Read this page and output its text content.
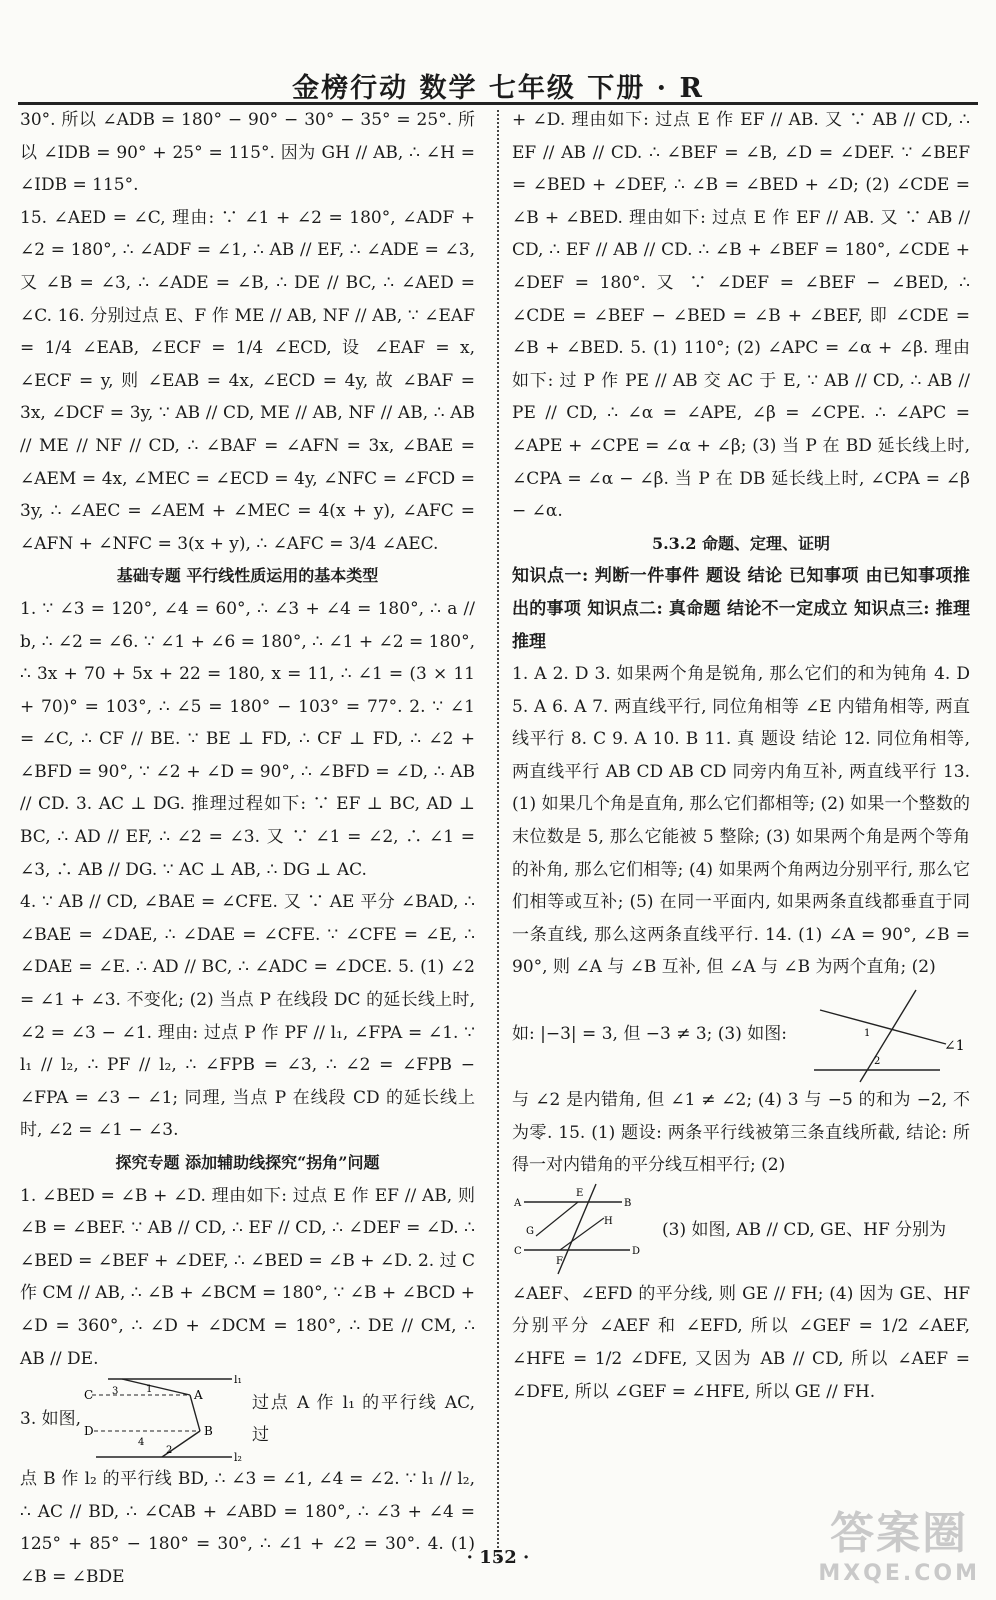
金榜行动 数学 七年级 下册 · R

30°. 所以 ∠ADB = 180° − 90° − 30° − 35° = 25°. 所以 ∠IDB = 90° + 25° = 115°. 因为 GH // AB, ∴ ∠H = ∠IDB = 115°.

15. ∠AED = ∠C, 理由: ∵ ∠1 + ∠2 = 180°, ∠ADF + ∠2 = 180°, ∴ ∠ADF = ∠1, ∴ AB // EF, ∴ ∠ADE = ∠3, 又 ∠B = ∠3, ∴ ∠ADE = ∠B, ∴ DE // BC, ∴ ∠AED = ∠C. 16. 分别过点 E、F 作 ME // AB, NF // AB, ∵ ∠EAF = 1/4 ∠EAB, ∠ECF = 1/4 ∠ECD, 设 ∠EAF = x, ∠ECF = y, 则 ∠EAB = 4x, ∠ECD = 4y, 故 ∠BAF = 3x, ∠DCF = 3y, ∵ AB // CD, ME // AB, NF // AB, ∴ AB // ME // NF // CD, ∴ ∠BAF = ∠AFN = 3x, ∠BAE = ∠AEM = 4x, ∠MEC = ∠ECD = 4y, ∠NFC = ∠FCD = 3y, ∴ ∠AEC = ∠AEM + ∠MEC = 4(x + y), ∠AFC = ∠AFN + ∠NFC = 3(x + y), ∴ ∠AFC = 3/4 ∠AEC.

基础专题 平行线性质运用的基本类型

1. ∵ ∠3 = 120°, ∠4 = 60°, ∴ ∠3 + ∠4 = 180°, ∴ a // b, ∴ ∠2 = ∠6. ∵ ∠1 + ∠6 = 180°, ∴ ∠1 + ∠2 = 180°, ∴ 3x + 70 + 5x + 22 = 180, x = 11, ∴ ∠1 = (3 × 11 + 70)° = 103°, ∴ ∠5 = 180° − 103° = 77°. 2. ∵ ∠1 = ∠C, ∴ CF // BE. ∵ BE ⊥ FD, ∴ CF ⊥ FD, ∴ ∠2 + ∠BFD = 90°, ∵ ∠2 + ∠D = 90°, ∴ ∠BFD = ∠D, ∴ AB // CD. 3. AC ⊥ DG. 推理过程如下: ∵ EF ⊥ BC, AD ⊥ BC, ∴ AD // EF, ∴ ∠2 = ∠3. 又 ∵ ∠1 = ∠2, ∴ ∠1 = ∠3, ∴ AB // DG. ∵ AC ⊥ AB, ∴ DG ⊥ AC.

4. ∵ AB // CD, ∠BAE = ∠CFE. 又 ∵ AE 平分 ∠BAD, ∴ ∠BAE = ∠DAE, ∴ ∠DAE = ∠CFE. ∵ ∠CFE = ∠E, ∴ ∠DAE = ∠E. ∴ AD // BC, ∴ ∠ADC = ∠DCE. 5. (1) ∠2 = ∠1 + ∠3. 不变化; (2) 当点 P 在线段 DC 的延长线上时, ∠2 = ∠3 − ∠1. 理由: 过点 P 作 PF // l₁, ∠FPA = ∠1. ∵ l₁ // l₂, ∴ PF // l₂, ∴ ∠FPB = ∠3, ∴ ∠2 = ∠FPB − ∠FPA = ∠3 − ∠1; 同理, 当点 P 在线段 CD 的延长线上时, ∠2 = ∠1 − ∠3.

探究专题 添加辅助线探究“拐角”问题

1. ∠BED = ∠B + ∠D. 理由如下: 过点 E 作 EF // AB, 则 ∠B = ∠BEF. ∵ AB // CD, ∴ EF // CD, ∴ ∠DEF = ∠D. ∴ ∠BED = ∠BEF + ∠DEF, ∴ ∠BED = ∠B + ∠D. 2. 过 C 作 CM // AB, ∴ ∠B + ∠BCM = 180°, ∵ ∠B + ∠BCD + ∠D = 360°, ∴ ∠D + ∠DCM = 180°, ∴ DE // CM, ∴ AB // DE.

3. 如图,
l₁
C 3	1	A
B
D
4
2
l₂
过点 A 作 l₁ 的平行线 AC, 过

点 B 作 l₂ 的平行线 BD, ∴ ∠3 = ∠1, ∠4 = ∠2. ∵ l₁ // l₂, ∴ AC // BD, ∴ ∠CAB + ∠ABD = 180°, ∴ ∠3 + ∠4 = 125° + 85° − 180° = 30°, ∴ ∠1 + ∠2 = 30°. 4. (1) ∠B = ∠BDE

+ ∠D. 理由如下: 过点 E 作 EF // AB. 又 ∵ AB // CD, ∴ EF // AB // CD. ∴ ∠BEF = ∠B, ∠D = ∠DEF. ∵ ∠BEF = ∠BED + ∠DEF, ∴ ∠B = ∠BED + ∠D; (2) ∠CDE = ∠B + ∠BED. 理由如下: 过点 E 作 EF // AB. 又 ∵ AB // CD, ∴ EF // AB // CD. ∴ ∠B + ∠BEF = 180°, ∠CDE + ∠DEF = 180°. 又 ∵ ∠DEF = ∠BEF − ∠BED, ∴ ∠CDE = ∠BEF − ∠BED = ∠B + ∠BEF, 即 ∠CDE = ∠B + ∠BED. 5. (1) 110°; (2) ∠APC = ∠α + ∠β. 理由如下: 过 P 作 PE // AB 交 AC 于 E, ∵ AB // CD, ∴ AB // PE // CD, ∴ ∠α = ∠APE, ∠β = ∠CPE. ∴ ∠APC = ∠APE + ∠CPE = ∠α + ∠β; (3) 当 P 在 BD 延长线上时, ∠CPA = ∠α − ∠β. 当 P 在 DB 延长线上时, ∠CPA = ∠β − ∠α.

5.3.2 命题、定理、证明

知识点一: 判断一件事件 题设 结论 已知事项 由已知事项推出的事项 知识点二: 真命题 结论不一定成立 知识点三: 推理 推理

1. A 2. D 3. 如果两个角是锐角, 那么它们的和为钝角 4. D 5. A 6. A 7. 两直线平行, 同位角相等 ∠E 内错角相等, 两直线平行 8. C 9. A 10. B 11. 真 题设 结论 12. 同位角相等, 两直线平行 AB CD AB CD 同旁内角互补, 两直线平行 13. (1) 如果几个角是直角, 那么它们都相等; (2) 如果一个整数的末位数是 5, 那么它能被 5 整除; (3) 如果两个角是两个等角的补角, 那么它们相等; (4) 如果两个角两边分别平行, 那么它们相等或互补; (5) 在同一平面内, 如果两条直线都垂直于同一条直线, 那么这两条直线平行. 14. (1) ∠A = 90°, ∠B = 90°, 则 ∠A 与 ∠B 互补, 但 ∠A 与 ∠B 为两个直角; (2)

如: |−3| = 3, 但 −3 ≠ 3; (3) 如图:	1
2
∠1

与 ∠2 是内错角, 但 ∠1 ≠ ∠2; (4) 3 与 −5 的和为 −2, 不为零. 15. (1) 题设: 两条平行线被第三条直线所截, 结论: 所得一对内错角的平分线互相平行; (2)

A
E
B
G
H
C
F
D
(3) 如图, AB // CD, GE、HF 分别为

∠AEF、∠EFD 的平分线, 则 GE // FH; (4) 因为 GE、HF 分别平分 ∠AEF 和 ∠EFD, 所以 ∠GEF = 1/2 ∠AEF, ∠HFE = 1/2 ∠DFE, 又因为 AB // CD, 所以 ∠AEF = ∠DFE, 所以 ∠GEF = ∠HFE, 所以 GE // FH.

· 152 ·	答案圈
MXQE.COM
